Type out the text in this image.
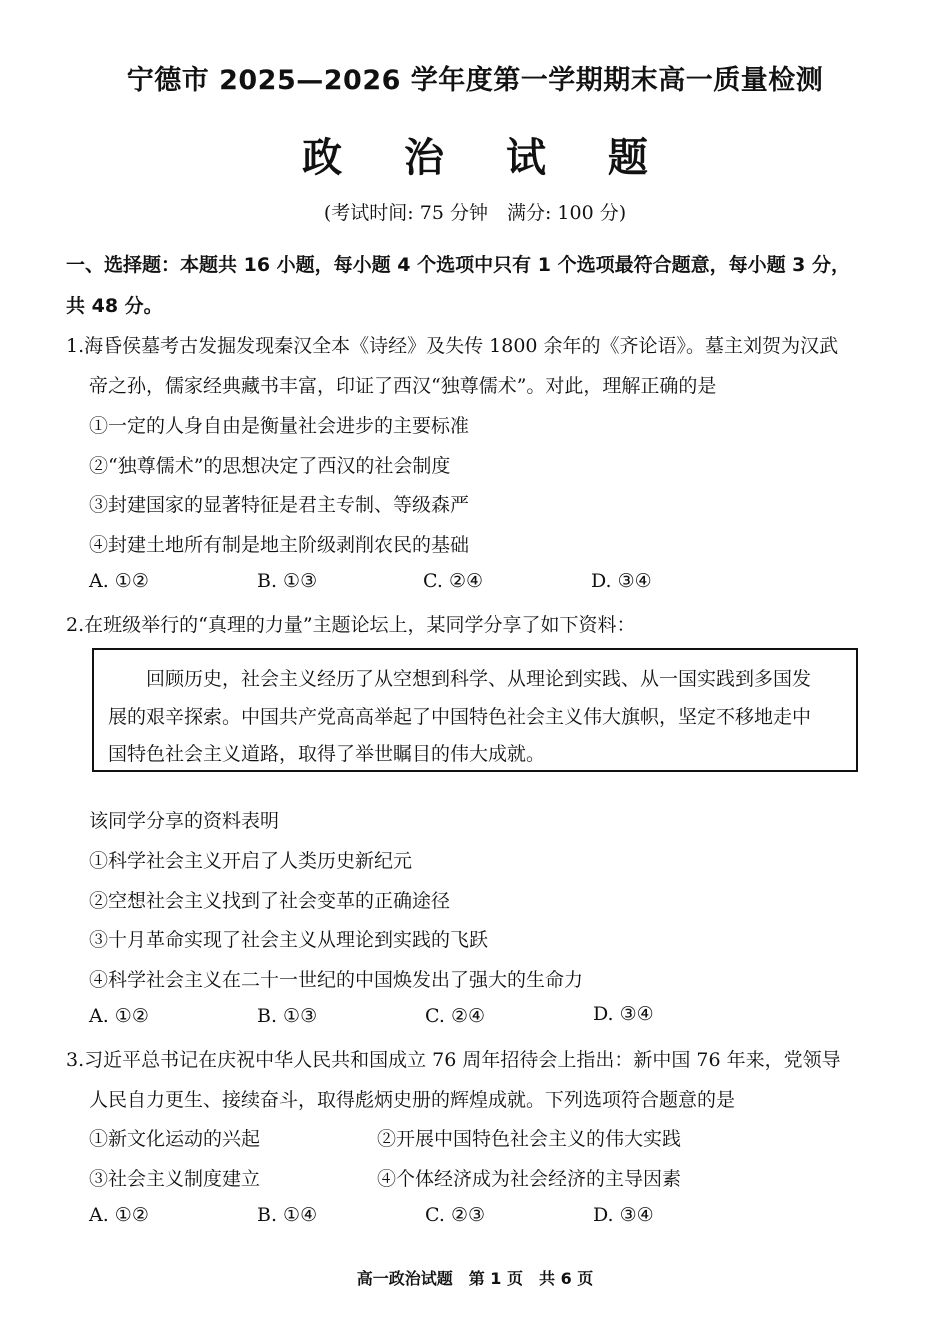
宁德市 2025—2026 学年度第一学期期末高一质量检测
政 治 试 题
(考试时间: 75 分钟　满分: 100 分)
一、选择题：本题共 16 小题，每小题 4 个选项中只有 1 个选项最符合题意，每小题 3 分，
共 48 分。
1.海昏侯墓考古发掘发现秦汉全本《诗经》及失传 1800 余年的《齐论语》。墓主刘贺为汉武
帝之孙，儒家经典藏书丰富，印证了西汉“独尊儒术”。对此，理解正确的是
①一定的人身自由是衡量社会进步的主要标准
②“独尊儒术”的思想决定了西汉的社会制度
③封建国家的显著特征是君主专制、等级森严
④封建土地所有制是地主阶级剥削农民的基础
A. ①②	B. ①③	C. ②④	D. ③④
2.在班级举行的“真理的力量”主题论坛上，某同学分享了如下资料：
回顾历史，社会主义经历了从空想到科学、从理论到实践、从一国实践到多国发
展的艰辛探索。中国共产党高高举起了中国特色社会主义伟大旗帜，坚定不移地走中
国特色社会主义道路，取得了举世瞩目的伟大成就。
该同学分享的资料表明
①科学社会主义开启了人类历史新纪元
②空想社会主义找到了社会变革的正确途径
③十月革命实现了社会主义从理论到实践的飞跃
④科学社会主义在二十一世纪的中国焕发出了强大的生命力
A. ①②	B. ①③	C. ②④	D. ③④
3.习近平总书记在庆祝中华人民共和国成立 76 周年招待会上指出：新中国 76 年来，党领导
人民自力更生、接续奋斗，取得彪炳史册的辉煌成就。下列选项符合题意的是
①新文化运动的兴起	②开展中国特色社会主义的伟大实践
③社会主义制度建立	④个体经济成为社会经济的主导因素
A. ①②	B. ①④	C. ②③	D. ③④
高一政治试题　第 1 页　共 6 页
